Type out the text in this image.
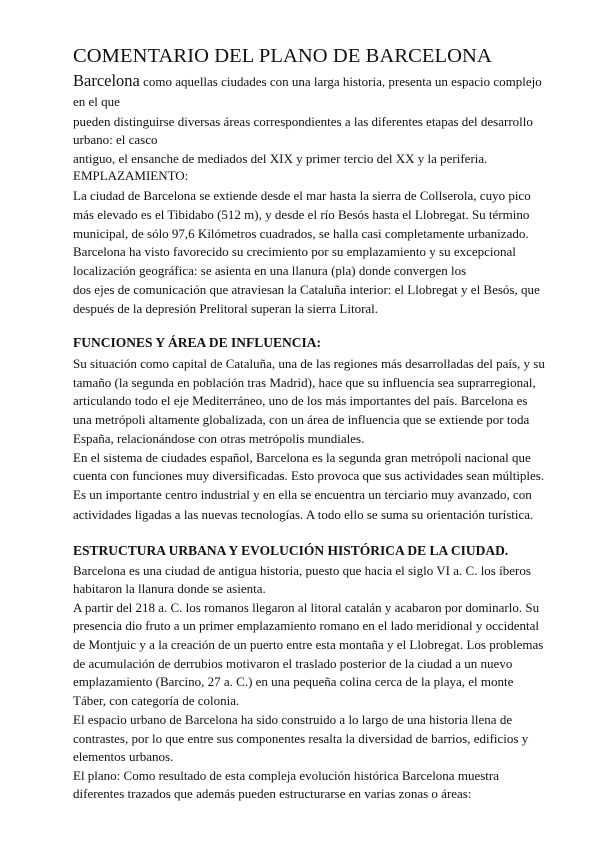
COMENTARIO DEL PLANO DE BARCELONA
Barcelona como aquellas ciudades con una larga historia, presenta un espacio complejo
en el que
pueden distinguirse diversas áreas correspondientes a las diferentes etapas del desarrollo
urbano: el casco
antiguo, el ensanche de mediados del XIX y primer tercio del XX y la periferia.
EMPLAZAMIENTO:
La ciudad de Barcelona se extiende desde el mar hasta la sierra de Collserola, cuyo pico
más elevado es el Tibidabo (512 m), y desde el río Besós hasta el Llobregat. Su término
municipal, de sólo 97,6 Kilómetros cuadrados, se halla casi completamente urbanizado.
Barcelona ha visto favorecido su crecimiento por su emplazamiento y su excepcional
localización geográfica: se asienta en una llanura (pla) donde convergen los
dos ejes de comunicación que atraviesan la Cataluña interior: el Llobregat y el Besós, que
después de la depresión Prelitoral superan la sierra Litoral.
FUNCIONES Y ÁREA DE INFLUENCIA:
Su situación como capital de Cataluña, una de las regiones más desarrolladas del país, y su
tamaño (la segunda en población tras Madrid), hace que su influencia sea suprarregional,
articulando todo el eje Mediterráneo, uno de los más importantes del país. Barcelona es
una metrópoli altamente globalizada, con un área de influencia que se extiende por toda
España, relacionándose con otras metrópolis mundiales.
En el sistema de ciudades español, Barcelona es la segunda gran metrópoli nacional que
cuenta con funciones muy diversificadas. Esto provoca que sus actividades sean múltiples.
Es un importante centro industrial y en ella se encuentra un terciario muy avanzado, con
actividades ligadas a las nuevas tecnologías. A todo ello se suma su orientación turística.
ESTRUCTURA URBANA Y EVOLUCIÓN HISTÓRICA DE LA CIUDAD.
Barcelona es una ciudad de antigua historia, puesto que hacia el siglo VI a. C. los íberos
habitaron la llanura donde se asienta.
A partir del 218 a. C. los romanos llegaron al litoral catalán y acabaron por dominarlo. Su
presencia dio fruto a un primer emplazamiento romano en el lado meridional y occidental
de Montjuic y a la creación de un puerto entre esta montaña y el Llobregat. Los problemas
de acumulación de derrubios motivaron el traslado posterior de la ciudad a un nuevo
emplazamiento (Barcino, 27 a. C.) en una pequeña colina cerca de la playa, el monte
Táber, con categoría de colonia.
El espacio urbano de Barcelona ha sido construido a lo largo de una historia llena de
contrastes, por lo que entre sus componentes resalta la diversidad de barrios, edificios y
elementos urbanos.
El plano: Como resultado de esta compleja evolución histórica Barcelona muestra
diferentes trazados que además pueden estructurarse en varias zonas o áreas:
